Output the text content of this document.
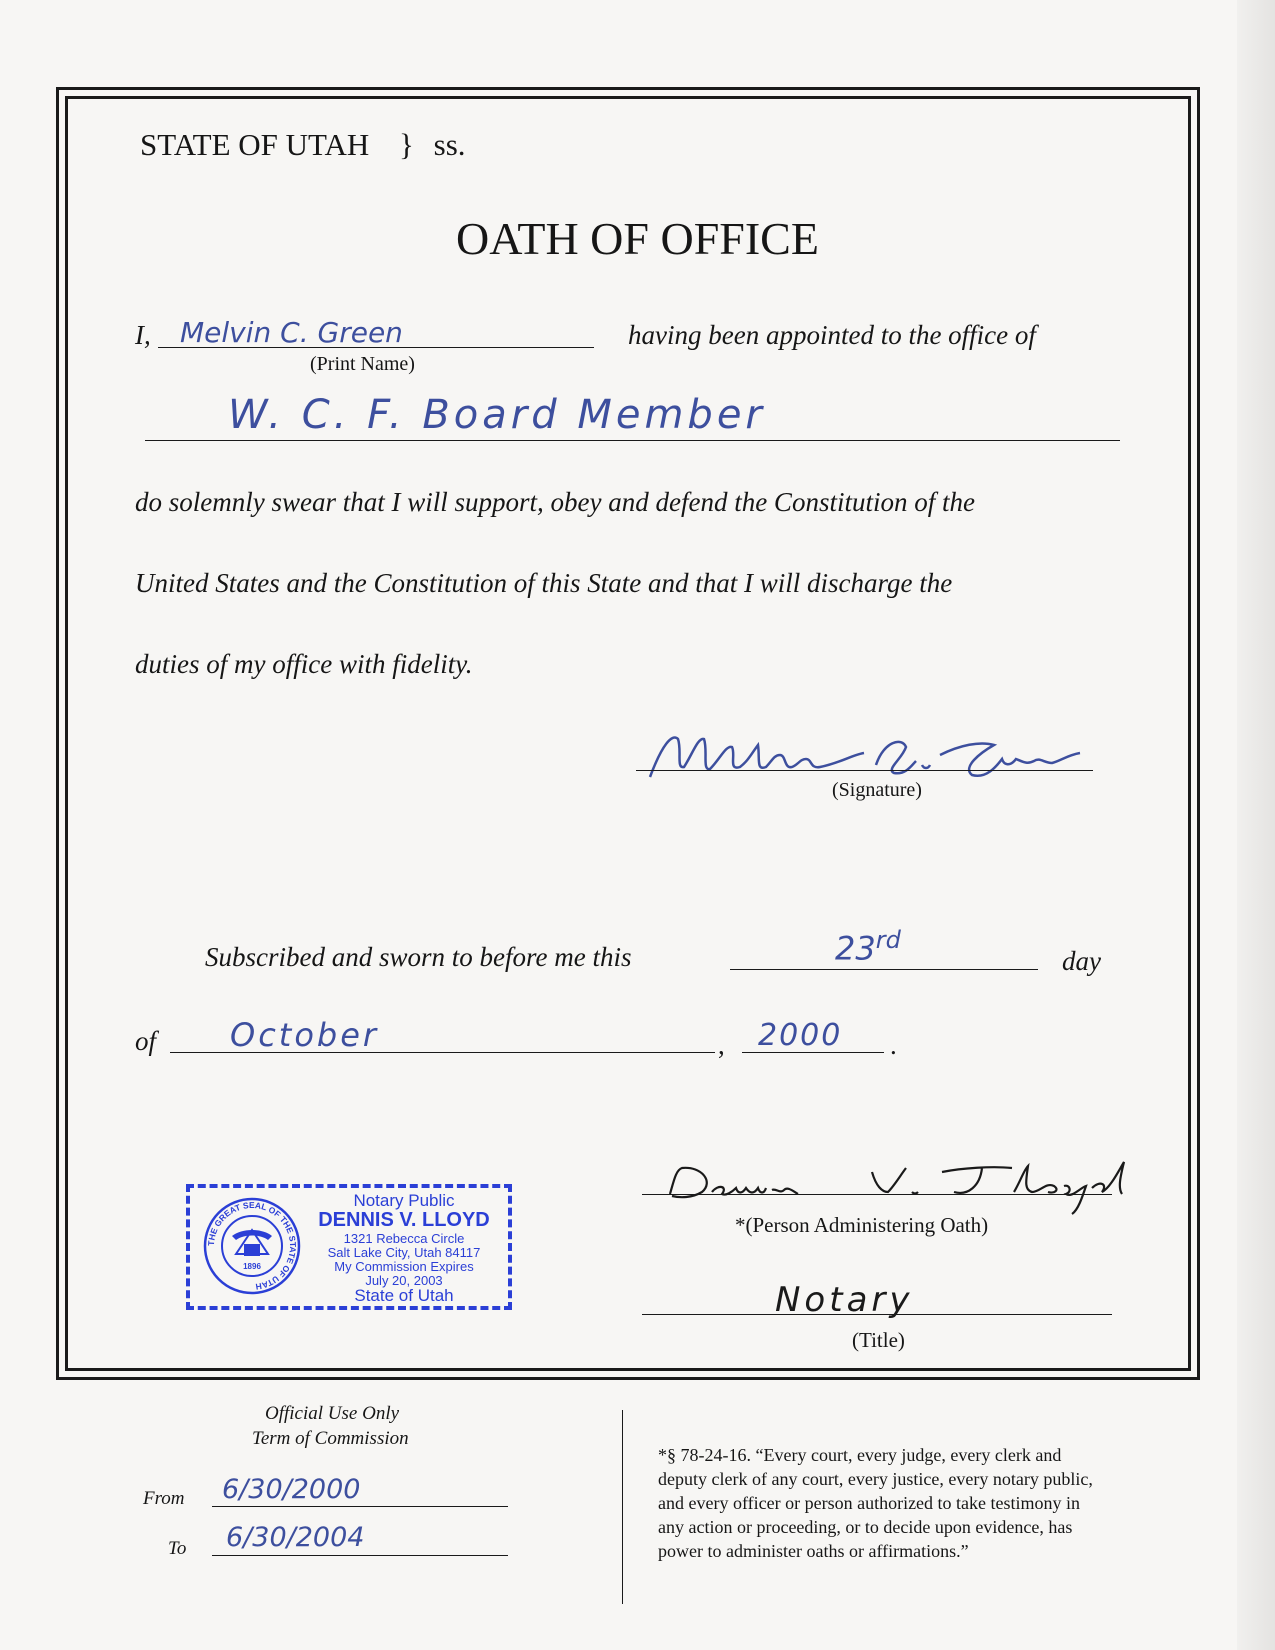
STATE OF UTAH } ss.
OATH OF OFFICE
I, Melvin C. Green
(Print Name)
having been appointed to the office of
W. C. F. Board Member
do solemnly swear that I will support, obey and defend the Constitution of the
United States and the Constitution of this State and that I will discharge the
duties of my office with fidelity.
(Signature)
Subscribed and sworn to before me this	23rd
day
of October	, 2000 .
THE GREAT SEAL OF THE STATE OF UTAH
1896
Notary Public
DENNIS V. LLOYD
1321 Rebecca Circle
Salt Lake City, Utah 84117
My Commission Expires
July 20, 2003
State of Utah
*(Person Administering Oath)
Notary
(Title)
Official Use Only
Term of Commission
From 6/30/2000
To 6/30/2004
*§ 78-24-16. “Every court, every judge, every clerk and
deputy clerk of any court, every justice, every notary public,
and every officer or person authorized to take testimony in
any action or proceeding, or to decide upon evidence, has
power to administer oaths or affirmations.”
